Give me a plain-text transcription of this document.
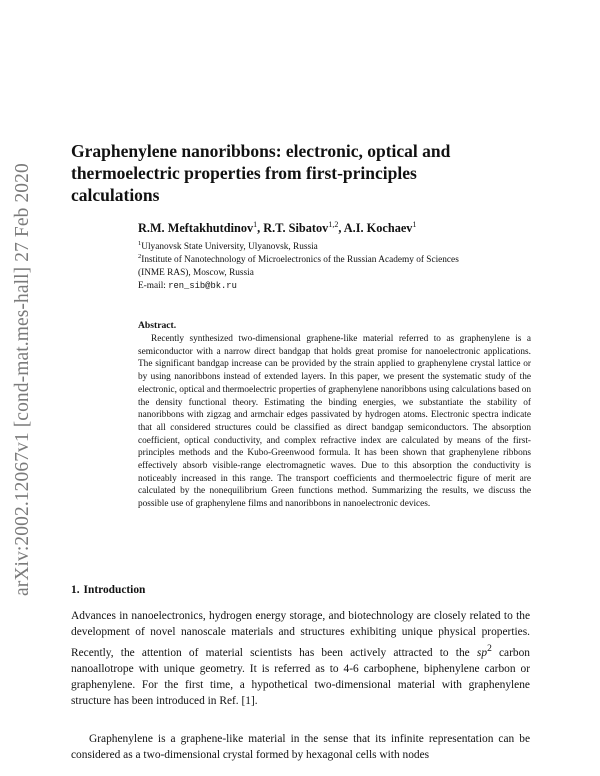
arXiv:2002.12067v1 [cond-mat.mes-hall] 27 Feb 2020
Graphenylene nanoribbons: electronic, optical and
thermoelectric properties from first-principles
calculations
R.M. Meftakhutdinov$^1$, R.T. Sibatov$^{1,2}$, A.I. Kochaev$^1$
$^1$Ulyanovsk State University, Ulyanovsk, Russia
$^2$Institute of Nanotechnology of Microelectronics of the Russian Academy of Sciences
(INME RAS), Moscow, Russia
E-mail: ren_sib@bk.ru
Abstract.

Recently synthesized two-dimensional graphene-like material referred to as graphenylene is a semiconductor with a narrow direct bandgap that holds great promise for nanoelectronic applications. The significant bandgap increase can be provided by the strain applied to graphenylene crystal lattice or by using nanoribbons instead of extended layers. In this paper, we present the systematic study of the electronic, optical and thermoelectric properties of graphenylene nanoribbons using calculations based on the density functional theory. Estimating the binding energies, we substantiate the stability of nanoribbons with zigzag and armchair edges passivated by hydrogen atoms. Electronic spectra indicate that all considered structures could be classified as direct bandgap semiconductors. The absorption coefficient, optical conductivity, and complex refractive index are calculated by means of the first-principles methods and the Kubo-Greenwood formula. It has been shown that graphenylene ribbons effectively absorb visible-range electromagnetic waves. Due to this absorption the conductivity is noticeably increased in this range. The transport coefficients and thermoelectric figure of merit are calculated by the nonequilibrium Green functions method. Summarizing the results, we discuss the possible use of graphenylene films and nanoribbons in nanoelectronic devices.

1. Introduction

Advances in nanoelectronics, hydrogen energy storage, and biotechnology are closely related to the development of novel nanoscale materials and structures exhibiting unique physical properties. Recently, the attention of material scientists has been actively attracted to the $sp^2$ carbon nanoallotrope with unique geometry. It is referred as to 4-6 carbophene, biphenylene carbon or graphenylene. For the first time, a hypothetical two-dimensional material with graphenylene structure has been introduced in Ref. [1].

Graphenylene is a graphene-like material in the sense that its infinite representation can be considered as a two-dimensional crystal formed by hexagonal cells with nodes
